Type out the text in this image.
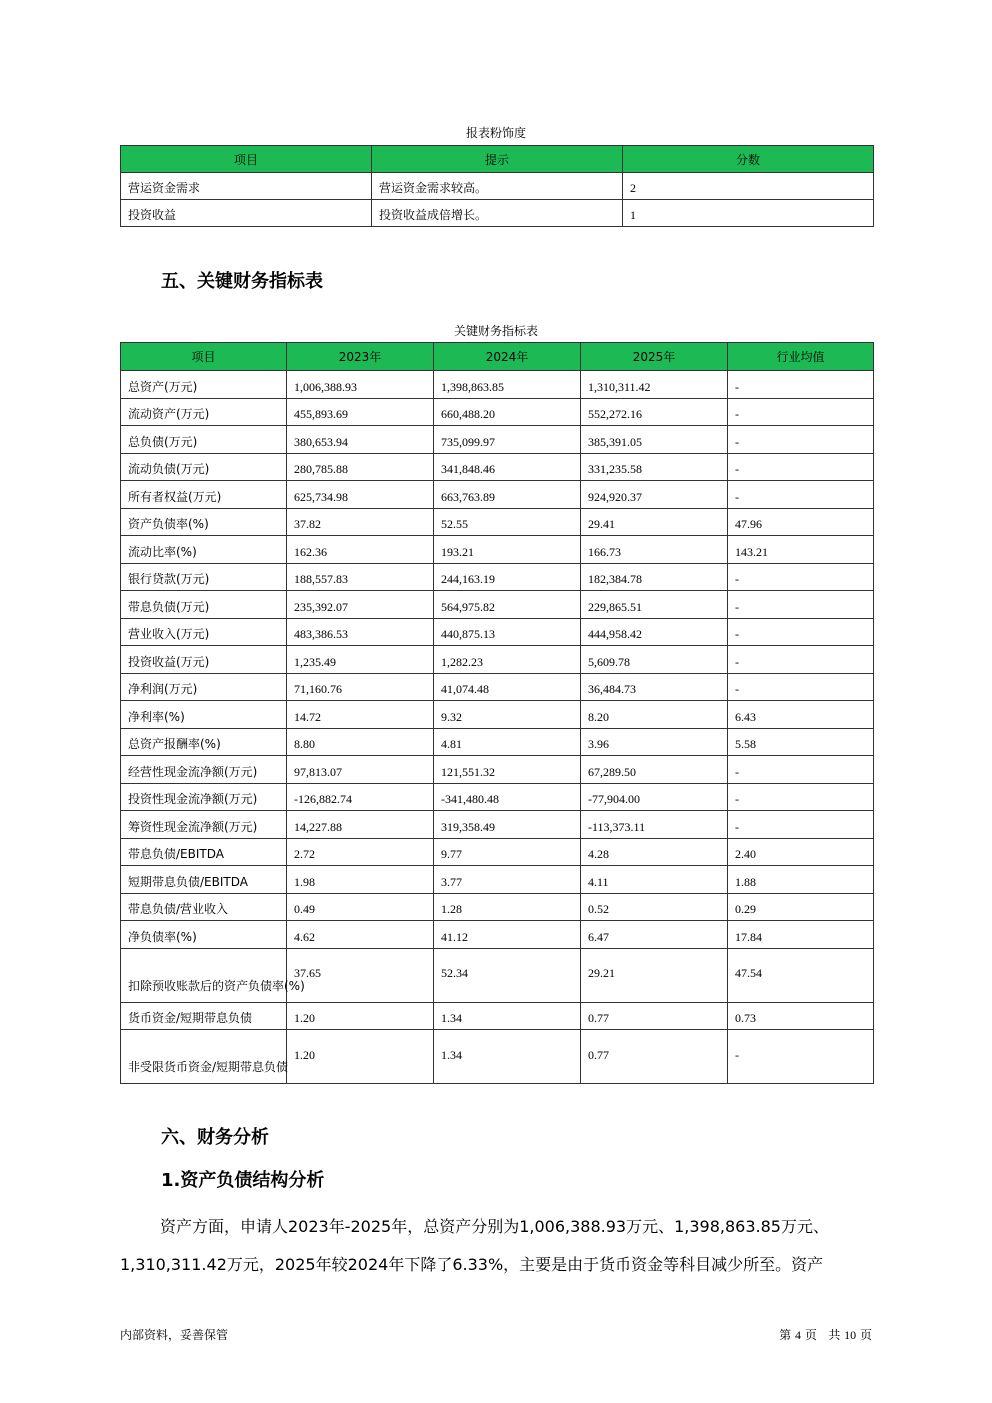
报表粉饰度
项目	提示	分数
营运资金需求	营运资金需求较高。	2
投资收益	投资收益成倍增长。	1
五、关键财务指标表
关键财务指标表
项目	2023年	2024年	2025年	行业均值
总资产(万元)	1,006,388.93	1,398,863.85	1,310,311.42	-
流动资产(万元)	455,893.69	660,488.20	552,272.16	-
总负债(万元)	380,653.94	735,099.97	385,391.05	-
流动负债(万元)	280,785.88	341,848.46	331,235.58	-
所有者权益(万元)	625,734.98	663,763.89	924,920.37	-
资产负债率(%)	37.82	52.55	29.41	47.96
流动比率(%)	162.36	193.21	166.73	143.21
银行贷款(万元)	188,557.83	244,163.19	182,384.78	-
带息负债(万元)	235,392.07	564,975.82	229,865.51	-
营业收入(万元)	483,386.53	440,875.13	444,958.42	-
投资收益(万元)	1,235.49	1,282.23	5,609.78	-
净利润(万元)	71,160.76	41,074.48	36,484.73	-
净利率(%)	14.72	9.32	8.20	6.43
总资产报酬率(%)	8.80	4.81	3.96	5.58
经营性现金流净额(万元)	97,813.07	121,551.32	67,289.50	-
投资性现金流净额(万元)	-126,882.74	-341,480.48	-77,904.00	-
筹资性现金流净额(万元)	14,227.88	319,358.49	-113,373.11	-
带息负债/EBITDA	2.72	9.77	4.28	2.40
短期带息负债/EBITDA	1.98	3.77	4.11	1.88
带息负债/营业收入	0.49	1.28	0.52	0.29
净负债率(%)	4.62	41.12	6.47	17.84
扣除预收账款后的资产负债率(%)	37.65	52.34	29.21	47.54
货币资金/短期带息负债	1.20	1.34	0.77	0.73
非受限货币资金/短期带息负债	1.20	1.34	0.77	-
六、财务分析
1.资产负债结构分析
资产方面，申请人2023年-2025年，总资产分别为1,006,388.93万元、1,398,863.85万元、1,310,311.42万元，2025年较2024年下降了6.33%，主要是由于货币资金等科目减少所至。资产
内部资料，妥善保管	第 4 页 共 10 页
